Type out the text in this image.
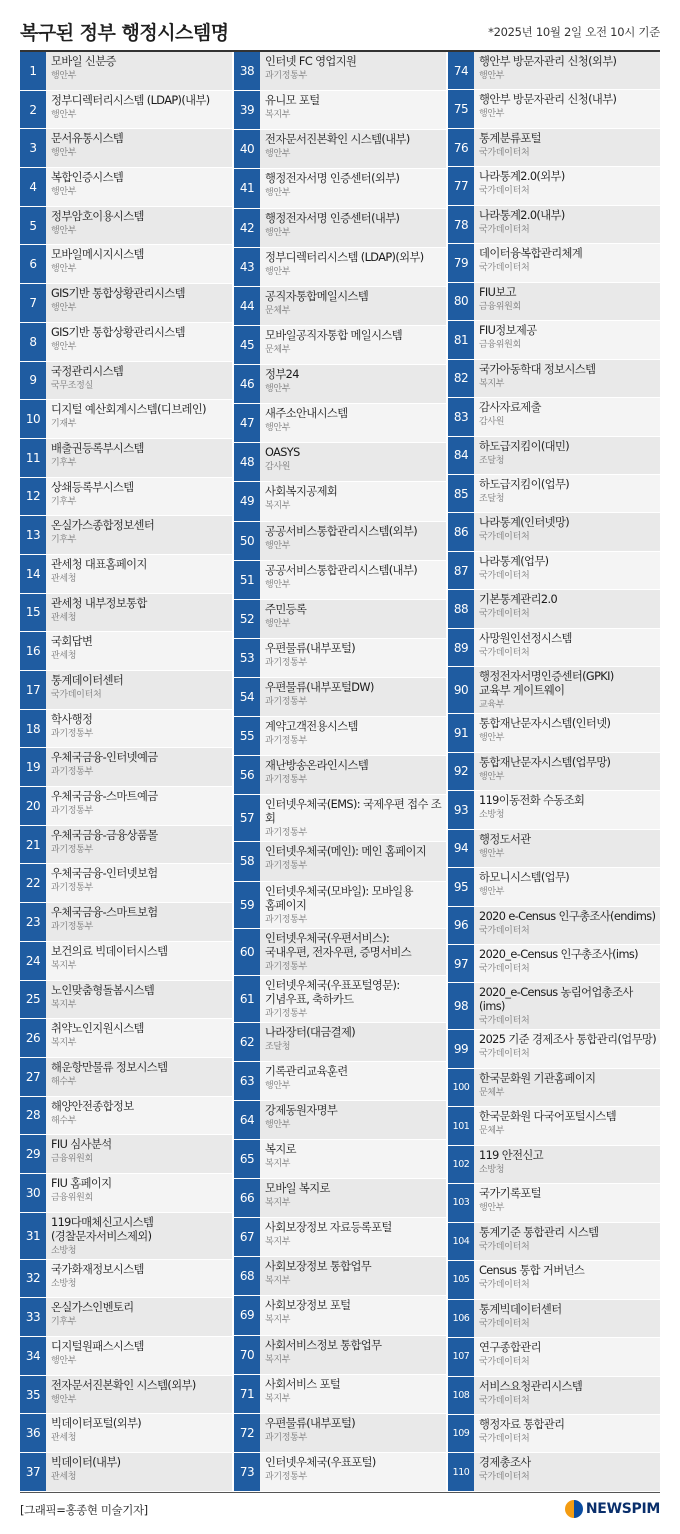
복구된 정부 행정시스템명	*2025년 10월 2일 오전 10시 기준
1
모바일 신분증
행안부
2
정부디렉터리시스템 (LDAP)(내부)
행안부
3
문서유통시스템
행안부
4
복합인증시스템
행안부
5
정부암호이용시스템
행안부
6
모바일메시지시스템
행안부
7
GIS기반 통합상황관리시스템
행안부
8
GIS기반 통합상황관리시스템
행안부
9
국정관리시스템
국무조정실
10
디지털 예산회계시스템(디브레인)
기재부
11
배출권등록부시스템
기후부
12
상쇄등록부시스템
기후부
13
온실가스종합정보센터
기후부
14
관세청 대표홈페이지
관세청
15
관세청 내부정보통합
관세청
16
국회답변
관세청
17
통계데이터센터
국가데이터처
18
학사행정
과기정통부
19
우체국금융-인터넷예금
과기정통부
20
우체국금융-스마트예금
과기정통부
21
우체국금융-금융상품몰
과기정통부
22
우체국금융-인터넷보험
과기정통부
23
우체국금융-스마트보험
과기정통부
24
보건의료 빅데이터시스템
복지부
25
노인맞춤형돌봄시스템
복지부
26
취약노인지원시스템
복지부
27
해운항만물류 정보시스템
해수부
28
해양안전종합정보
해수부
29
FIU 심사분석
금융위원회
30
FIU 홈페이지
금융위원회
31
119다매체신고시스템
(경찰문자서비스제외)
소방청
32
국가화재정보시스템
소방청
33
온실가스인벤토리
기후부
34
디지털원패스시스템
행안부
35
전자문서진본확인 시스템(외부)
행안부
36
빅데이터포털(외부)
관세청
37
빅데이터(내부)
관세청
38
인터넷 FC 영업지원
과기정통부
39
유니모 포털
복지부
40
전자문서진본확인 시스템(내부)
행안부
41
행정전자서명 인증센터(외부)
행안부
42
행정전자서명 인증센터(내부)
행안부
43
정부디렉터리시스템 (LDAP)(외부)
행안부
44
공직자통합메일시스템
문체부
45
모바일공직자통합 메일시스템
문체부
46
정부24
행안부
47
새주소안내시스템
행안부
48
OASYS
감사원
49
사회복지공제회
복지부
50
공공서비스통합관리시스템(외부)
행안부
51
공공서비스통합관리시스템(내부)
행안부
52
주민등록
행안부
53
우편물류(내부포털)
과기정통부
54
우편물류(내부포털DW)
과기정통부
55
계약고객전용시스템
과기정통부
56
재난방송온라인시스템
과기정통부
57
인터넷우체국(EMS): 국제우편 접수 조회
과기정통부
58
인터넷우체국(메인): 메인 홈페이지
과기정통부
59
인터넷우체국(모바일): 모바일용
홈페이지
과기정통부
60
인터넷우체국(우편서비스):
국내우편, 전자우편, 증명서비스
과기정통부
61
인터넷우체국(우표포털영문):
기념우표, 축하카드
과기정통부
62
나라장터(대금결제)
조달청
63
기록관리교육훈련
행안부
64
강제동원자명부
행안부
65
복지로
복지부
66
모바일 복지로
복지부
67
사회보장정보 자료등록포털
복지부
68
사회보장정보 통합업무
복지부
69
사회보장정보 포털
복지부
70
사회서비스정보 통합업무
복지부
71
사회서비스 포털
복지부
72
우편물류(내부포털)
과기정통부
73
인터넷우체국(우표포털)
과기정통부
74
행안부 방문자관리 신청(외부)
행안부
75
행안부 방문자관리 신청(내부)
행안부
76
통계분류포털
국가데이터처
77
나라통계2.0(외부)
국가데이터처
78
나라통계2.0(내부)
국가데이터처
79
데이터융복합관리체계
국가데이터처
80
FIU보고
금융위원회
81
FIU정보제공
금융위원회
82
국가아동학대 정보시스템
복지부
83
감사자료제출
감사원
84
하도급지킴이(대민)
조달청
85
하도급지킴이(업무)
조달청
86
나라통계(인터넷망)
국가데이터처
87
나라통계(업무)
국가데이터처
88
기본통계관리2.0
국가데이터처
89
사망원인선정시스템
국가데이터처
90
행정전자서명인증센터(GPKI)
교육부 게이트웨이
교육부
91
통합재난문자시스템(인터넷)
행안부
92
통합재난문자시스템(업무망)
행안부
93
119이동전화 수동조회
소방청
94
행정도서관
행안부
95
하모니시스템(업무)
행안부
96
2020 e-Census 인구총조사(endims)
국가데이터처
97
2020_e-Census 인구총조사(ims)
국가데이터처
98
2020_e-Census 농림어업총조사(ims)
국가데이터처
99
2025 기준 경제조사 통합관리(업무망)
국가데이터처
100
한국문화원 기관홈페이지
문체부
101
한국문화원 다국어포털시스템
문체부
102
119 안전신고
소방청
103
국가기록포털
행안부
104
통계기준 통합관리 시스템
국가데이터처
105
Census 통합 거버넌스
국가데이터처
106
통계빅데이터센터
국가데이터처
107
연구종합관리
국가데이터처
108
서비스요청관리시스템
국가데이터처
109
행정자료 통합관리
국가데이터처
110
경제총조사
국가데이터처
[그래픽=홍종현 미술기자]	NEWSPIM
